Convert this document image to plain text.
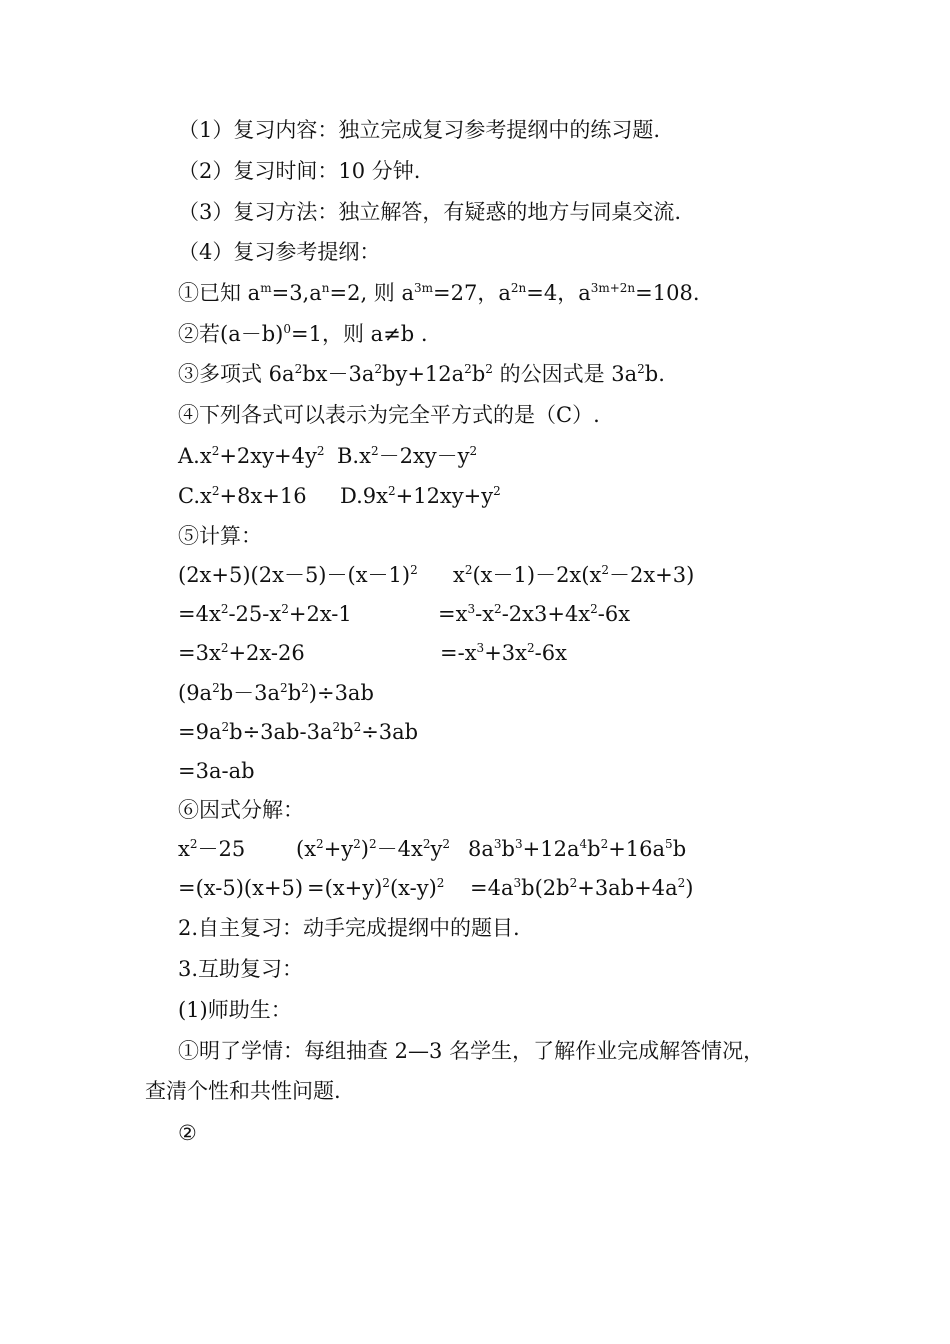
（1）复习内容：独立完成复习参考提纲中的练习题.
（2）复习时间：10 分钟.
（3）复习方法：独立解答，有疑惑的地方与同桌交流.
（4）复习参考提纲：
①已知 $a^m=3,a^n=2$, 则 $a^{3m}=27$，$a^{2n}=4$，$a^{3m+2n}=108$.
②若$(a-b)^0=1$，则 a≠b .
③多项式 $6a^2bx-3a^2by+12a^2b^2$ 的公因式是 $3a^2b$.
④下列各式可以表示为完全平方式的是（C）.
$A.x^2+2xy+4y^2$ $B.x^2-2xy-y^2$
$C.x^2+8x+16$ $D.9x^2+12xy+y^2$
⑤计算：
$(2x+5)(2x-5)-(x-1)^2$ $x^2(x-1)-2x(x^2-2x+3)$
$=4x^2-25-x^2+2x-1$	$=x^3-x^2-2x3+4x^2-6x$
$=3x^2+2x-26$	$=-x^3+3x^2-6x$
$(9a^2b-3a^2b^2)\div 3ab$
$=9a^2b\div 3ab-3a^2b^2\div 3ab$
=3a-ab
⑥因式分解：
$x^2-25$ $(x^2+y^2)^2-4x^2y^2$ $8a^3b^3+12a^4b^2+16a^5b$
$=(x-5)(x+5) =(x+y)^2(x-y)^2 =4a^3b(2b^2+3ab+4a^2)$
2.自主复习：动手完成提纲中的题目.
3.互助复习：
(1)师助生：
①明了学情：每组抽查 2—3 名学生，了解作业完成解答情况，
查清个性和共性问题.
②
